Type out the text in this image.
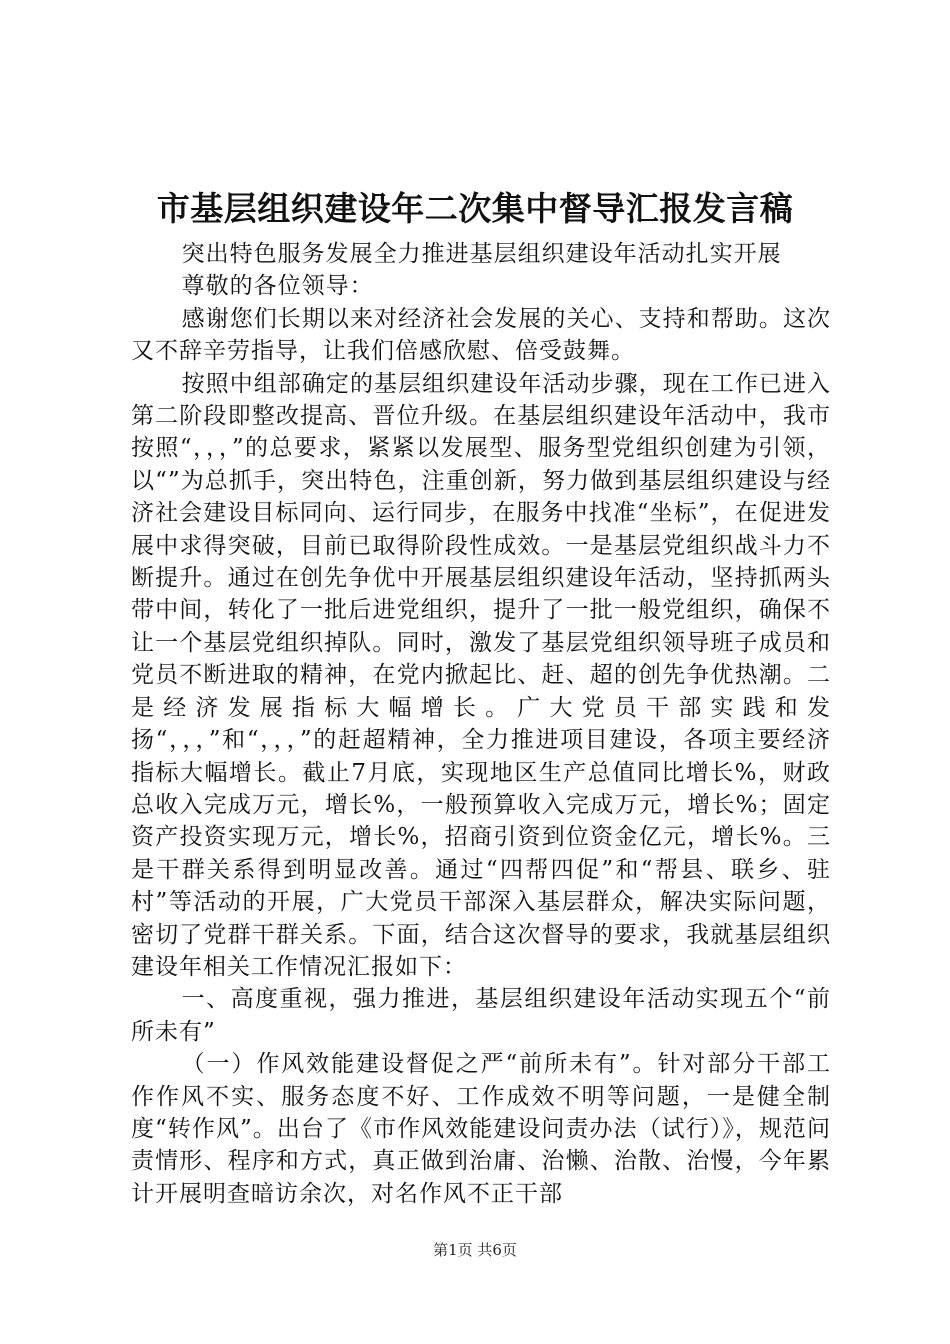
市基层组织建设年二次集中督导汇报发言稿

突出特色服务发展全力推进基层组织建设年活动扎实开展

尊敬的各位领导：

感谢您们长期以来对经济社会发展的关心、支持和帮助。这次又不辞辛劳指导，让我们倍感欣慰、倍受鼓舞。

按照中组部确定的基层组织建设年活动步骤，现在工作已进入第二阶段即整改提高、晋位升级。在基层组织建设年活动中，我市按照“，，，”的总要求，紧紧以发展型、服务型党组织创建为引领，以“”为总抓手，突出特色，注重创新，努力做到基层组织建设与经济社会建设目标同向、运行同步，在服务中找准“坐标”，在促进发展中求得突破，目前已取得阶段性成效。一是基层党组织战斗力不断提升。通过在创先争优中开展基层组织建设年活动，坚持抓两头带中间，转化了一批后进党组织，提升了一批一般党组织，确保不让一个基层党组织掉队。同时，激发了基层党组织领导班子成员和党员不断进取的精神，在党内掀起比、赶、超的创先争优热潮。二是经济发展指标大幅增长。广大党员干部实践和发扬“，，，”和“，，，”的赶超精神，全力推进项目建设，各项主要经济指标大幅增长。截止7月底，实现地区生产总值同比增长%，财政总收入完成万元，增长%，一般预算收入完成万元，增长%；固定资产投资实现万元，增长%，招商引资到位资金亿元，增长%。三是干群关系得到明显改善。通过“四帮四促”和“帮县、联乡、驻村”等活动的开展，广大党员干部深入基层群众，解决实际问题，密切了党群干群关系。下面，结合这次督导的要求，我就基层组织建设年相关工作情况汇报如下：

一、高度重视，强力推进，基层组织建设年活动实现五个“前所未有”

（一）作风效能建设督促之严“前所未有”。针对部分干部工作作风不实、服务态度不好、工作成效不明等问题，一是健全制度“转作风”。出台了《市作风效能建设问责办法（试行）》，规范问责情形、程序和方式，真正做到治庸、治懒、治散、治慢，今年累计开展明查暗访余次，对名作风不正干部

第1页 共6页
